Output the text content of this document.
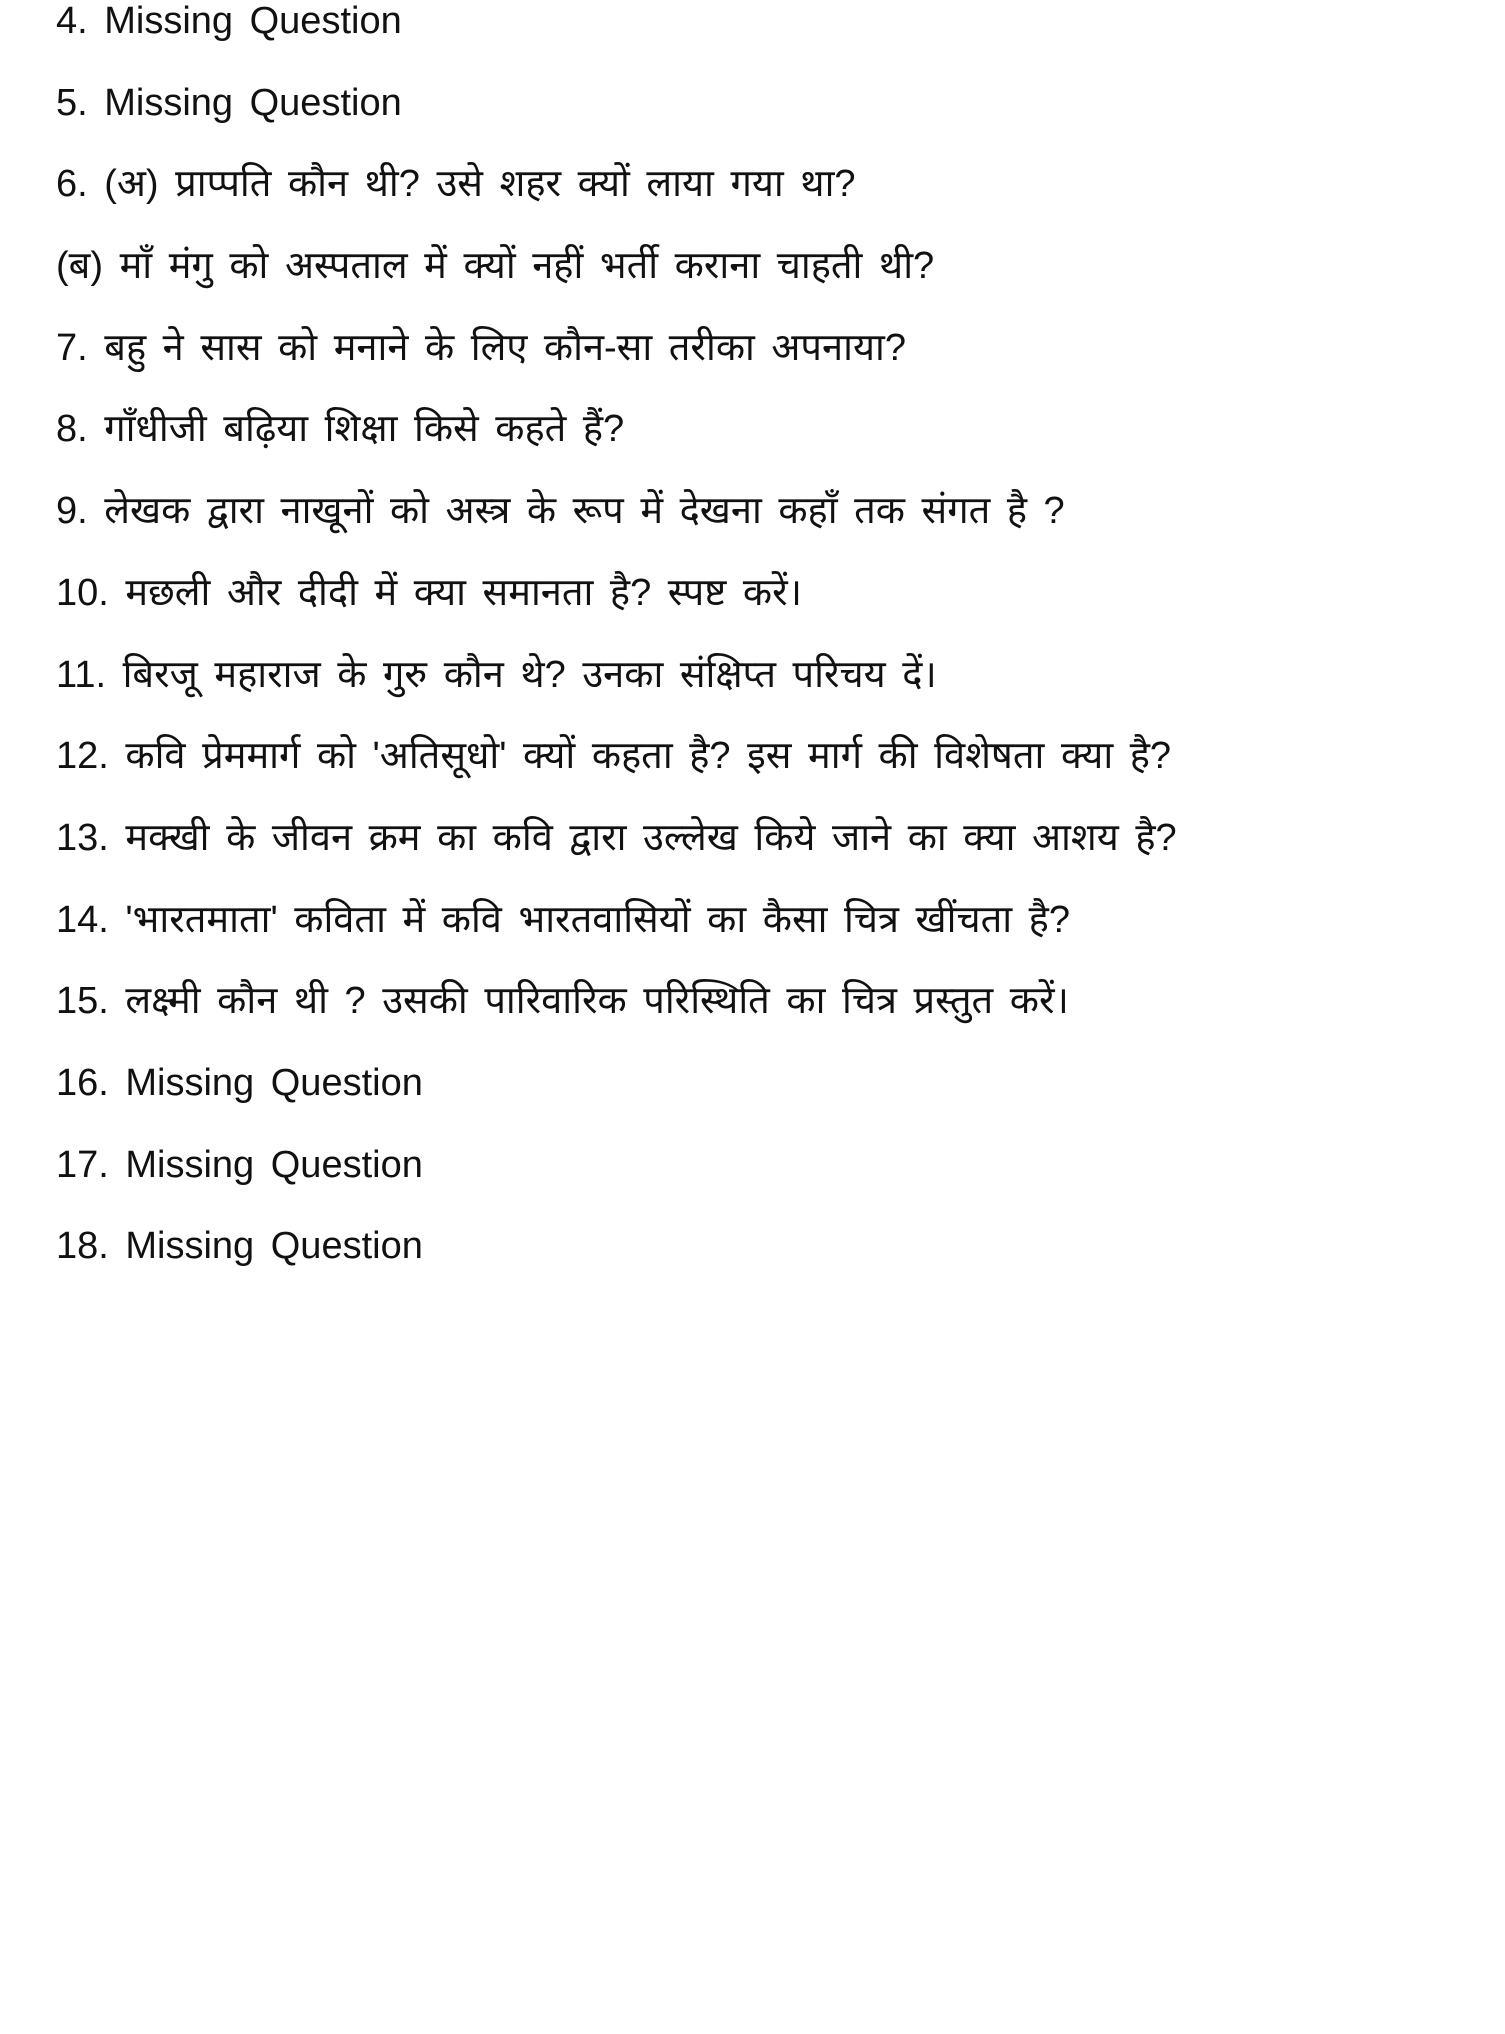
4. Missing Question
5. Missing Question
6. (अ) प्राप्पति कौन थी? उसे शहर क्यों लाया गया था?
(ब) माँ मंगु को अस्पताल में क्यों नहीं भर्ती कराना चाहती थी?
7. बहु ने सास को मनाने के लिए कौन-सा तरीका अपनाया?
8. गाँधीजी बढ़िया शिक्षा किसे कहते हैं?
9. लेखक द्वारा नाखूनों को अस्त्र के रूप में देखना कहाँ तक संगत है ?
10. मछली और दीदी में क्या समानता है? स्पष्ट करें।
11. बिरजू महाराज के गुरु कौन थे? उनका संक्षिप्त परिचय दें।
12. कवि प्रेममार्ग को 'अतिसूधो' क्यों कहता है? इस मार्ग की विशेषता क्या है?
13. मक्खी के जीवन क्रम का कवि द्वारा उल्लेख किये जाने का क्या आशय है?
14. 'भारतमाता' कविता में कवि भारतवासियों का कैसा चित्र खींचता है?
15. लक्ष्मी कौन थी ? उसकी पारिवारिक परिस्थिति का चित्र प्रस्तुत करें।
16. Missing Question
17. Missing Question
18. Missing Question
